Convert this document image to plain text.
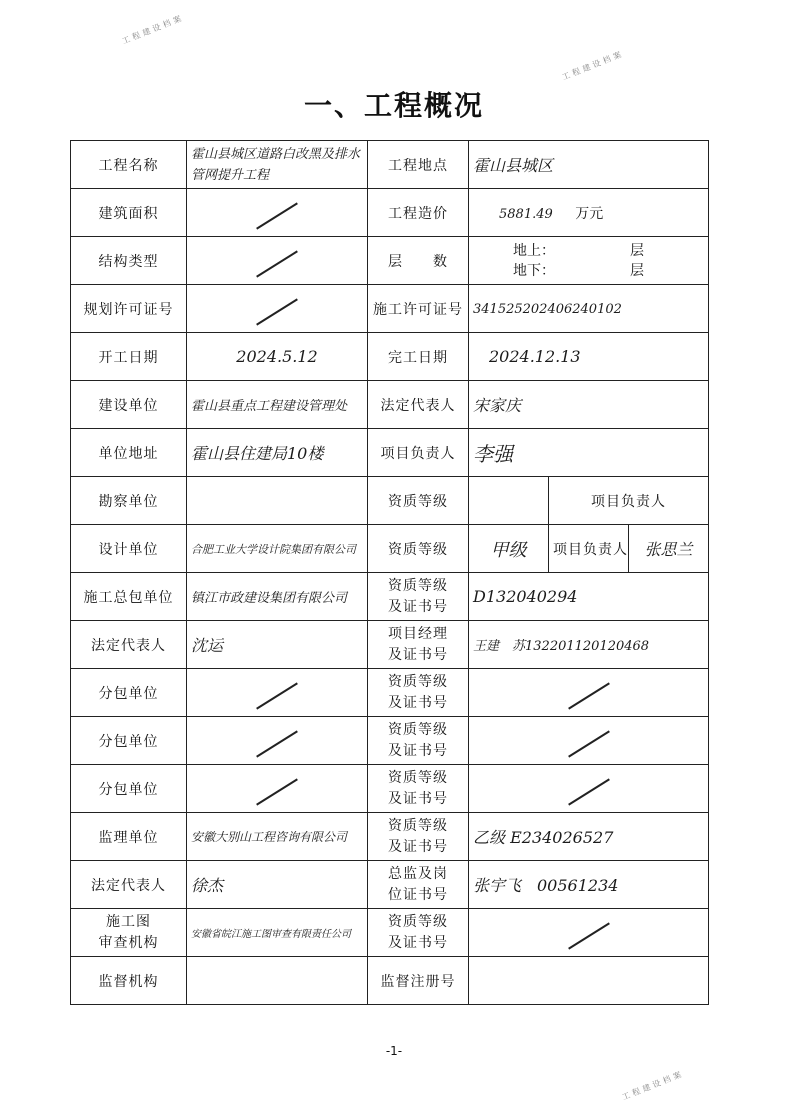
一、工程概况
工程名称	霍山县城区道路白改黑及排水管网提升工程	工程地点	霍山县城区		
建筑面积		工程造价	5881.49 万元		
结构类型		层　　数	地上： 层
地下： 层		

规划许可证号		施工许可证号	341525202406240102		
开工日期	2024.5.12	完工日期	2024.12.13		
建设单位	霍山县重点工程建设管理处	法定代表人	宋家庆		
单位地址	霍山县住建局10楼	项目负责人	李强		
勘察单位		资质等级		项目负责人	
设计单位	合肥工业大学设计院集团有限公司	资质等级	甲级	项目负责人	张思兰
施工总包单位	镇江市政建设集团有限公司	资质等级
及证书号	D132040294		
法定代表人	沈运	项目经理
及证书号	王建　苏132201120120468		
分包单位		资质等级
及证书号			

分包单位		资质等级
及证书号			

分包单位		资质等级
及证书号			

监理单位	安徽大别山工程咨询有限公司	资质等级
及证书号	乙级 E234026527		
法定代表人	徐杰	总监及岗
位证书号	张宇飞　00561234		
施工图
审查机构	安徽省皖江施工图审查有限责任公司	资质等级
及证书号			

监督机构		监督注册号			
-1-
工程建设档案
工程建设档案
工程建设档案
